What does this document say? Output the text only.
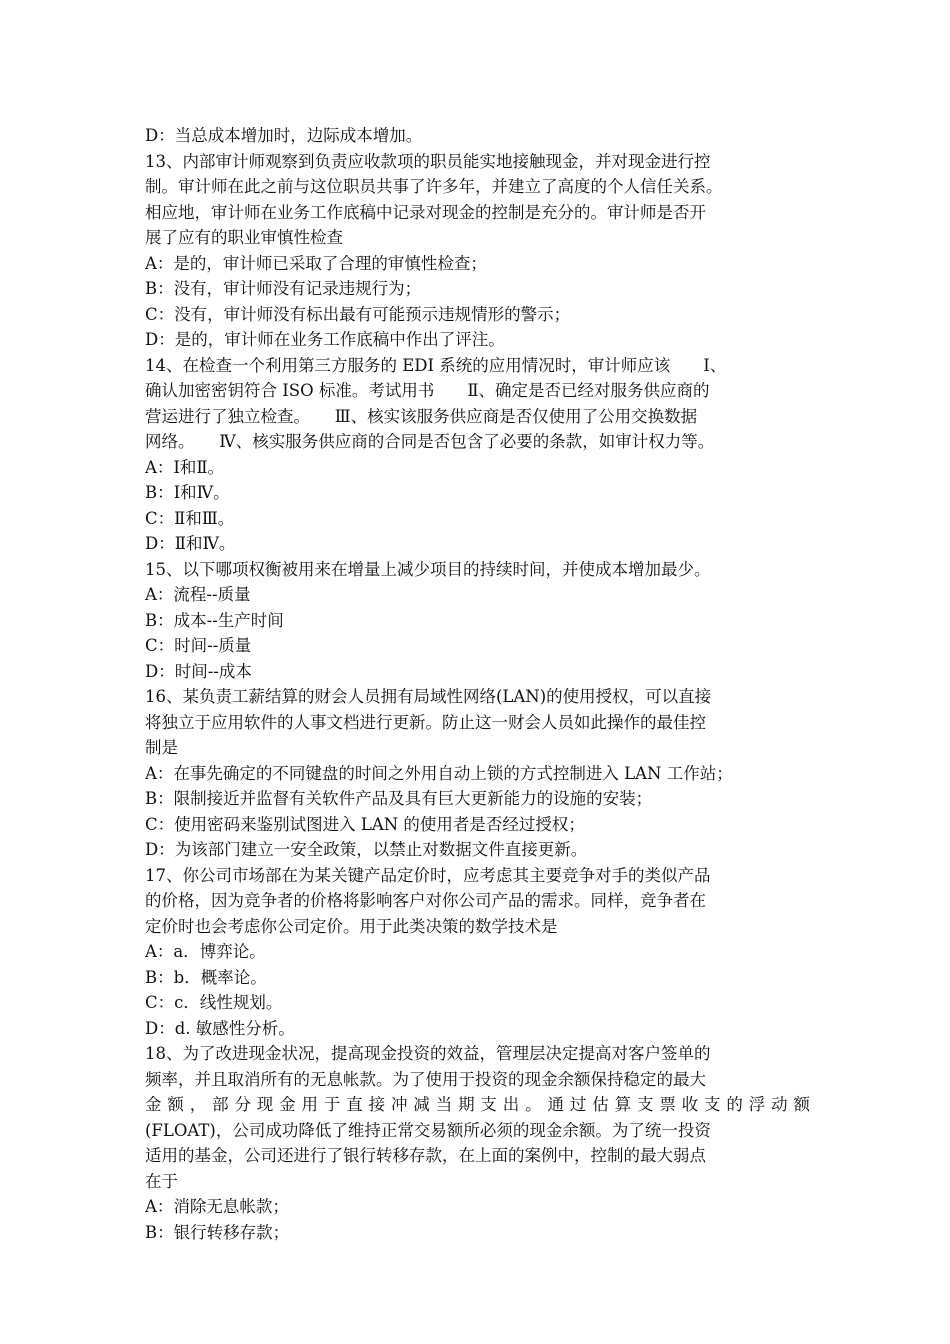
D：当总成本增加时，边际成本增加。
13、内部审计师观察到负责应收款项的职员能实地接触现金，并对现金进行控
制。审计师在此之前与这位职员共事了许多年，并建立了高度的个人信任关系。
相应地，审计师在业务工作底稿中记录对现金的控制是充分的。审计师是否开
展了应有的职业审慎性检查
A：是的，审计师已采取了合理的审慎性检查；
B：没有，审计师没有记录违规行为；
C：没有，审计师没有标出最有可能预示违规情形的警示；
D：是的，审计师在业务工作底稿中作出了评注。
14、在检查一个利用第三方服务的 EDI 系统的应用情况时，审计师应该　　Ⅰ、
确认加密密钥符合 ISO 标准。考试用书　　Ⅱ、确定是否已经对服务供应商的
营运进行了独立检查。　　Ⅲ、核实该服务供应商是否仅使用了公用交换数据
网络。　　Ⅳ、核实服务供应商的合同是否包含了必要的条款，如审计权力等。
A：Ⅰ和Ⅱ。
B：Ⅰ和Ⅳ。
C：Ⅱ和Ⅲ。
D：Ⅱ和Ⅳ。
15、以下哪项权衡被用来在增量上减少项目的持续时间，并使成本增加最少。
A：流程--质量
B：成本--生产时间
C：时间--质量
D：时间--成本
16、某负责工薪结算的财会人员拥有局域性网络(LAN)的使用授权，可以直接
将独立于应用软件的人事文档进行更新。防止这一财会人员如此操作的最佳控
制是
A：在事先确定的不同键盘的时间之外用自动上锁的方式控制进入 LAN 工作站；
B：限制接近并监督有关软件产品及具有巨大更新能力的设施的安装；
C：使用密码来鉴别试图进入 LAN 的使用者是否经过授权；
D：为该部门建立一安全政策，以禁止对数据文件直接更新。
17、你公司市场部在为某关键产品定价时，应考虑其主要竞争对手的类似产品
的价格，因为竞争者的价格将影响客户对你公司产品的需求。同样，竞争者在
定价时也会考虑你公司定价。用于此类决策的数学技术是
A：a．博弈论。
B：b．概率论。
C：c．线性规划。
D：d. 敏感性分析。
18、为了改进现金状况，提高现金投资的效益，管理层决定提高对客户签单的
频率，并且取消所有的无息帐款。为了使用于投资的现金余额保持稳定的最大
金额，部分现金用于直接冲减当期支出。通过估算支票收支的浮动额
(FLOAT)，公司成功降低了维持正常交易额所必须的现金余额。为了统一投资
适用的基金，公司还进行了银行转移存款，在上面的案例中，控制的最大弱点
在于
A：消除无息帐款；
B：银行转移存款；
